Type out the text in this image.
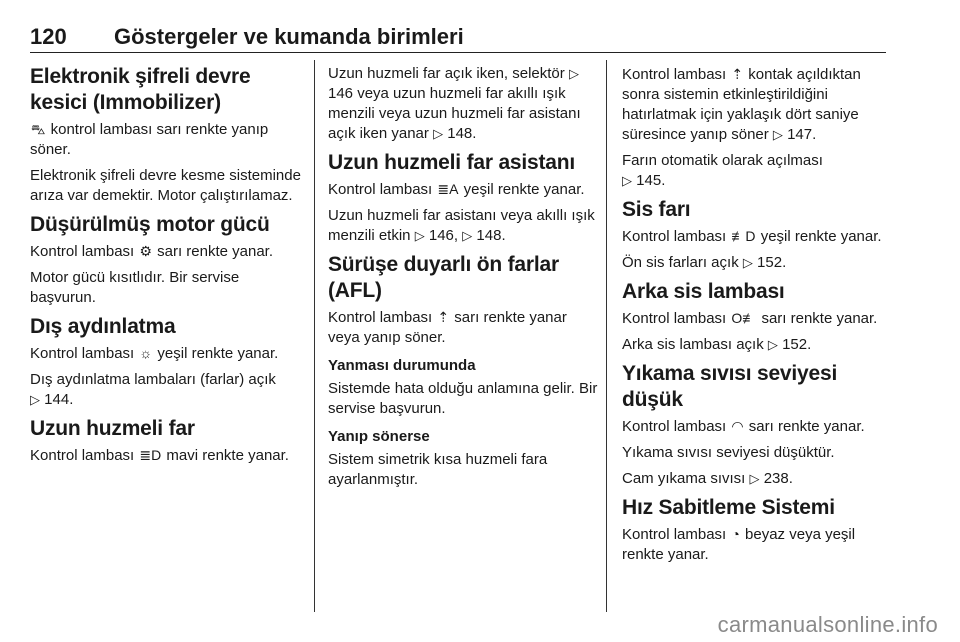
120 Göstergeler ve kumanda birimleri
Elektronik şifreli devre kesici (Immobilizer)

⛍ kontrol lambası sarı renkte yanıp söner.

Elektronik şifreli devre kesme sisteminde arıza var demektir. Motor çalıştırılamaz.

Düşürülmüş motor gücü

Kontrol lambası ⚙ sarı renkte yanar.

Motor gücü kısıtlıdır. Bir servise başvurun.

Dış aydınlatma

Kontrol lambası ☼ yeşil renkte yanar.

Dış aydınlatma lambaları (farlar) açık
▷ 144.

Uzun huzmeli far

Kontrol lambası ≣D mavi renkte yanar.

Uzun huzmeli far açık iken, selektör ▷ 146 veya uzun huzmeli far akıllı ışık menzili veya uzun huzmeli far asistanı açık iken yanar ▷ 148.

Uzun huzmeli far asistanı

Kontrol lambası ≣A yeşil renkte yanar.

Uzun huzmeli far asistanı veya akıllı ışık menzili etkin ▷ 146, ▷ 148.

Sürüşe duyarlı ön farlar (AFL)

Kontrol lambası ⇡ sarı renkte yanar veya yanıp söner.

Yanması durumunda

Sistemde hata olduğu anlamına gelir. Bir servise başvurun.

Yanıp sönerse

Sistem simetrik kısa huzmeli fara ayarlanmıştır.

Kontrol lambası ⇡ kontak açıldıktan sonra sistemin etkinleştirildiğini hatırlatmak için yaklaşık dört saniye süresince yanıp söner ▷ 147.

Farın otomatik olarak açılması
▷ 145.

Sis farı

Kontrol lambası ≢D yeşil renkte yanar.

Ön sis farları açık ▷ 152.

Arka sis lambası

Kontrol lambası O≢ sarı renkte yanar.

Arka sis lambası açık ▷ 152.

Yıkama sıvısı seviyesi düşük

Kontrol lambası ◠ sarı renkte yanar.

Yıkama sıvısı seviyesi düşüktür.

Cam yıkama sıvısı ▷ 238.

Hız Sabitleme Sistemi

Kontrol lambası ◔ beyaz veya yeşil renkte yanar.

carmanualsonline.info
